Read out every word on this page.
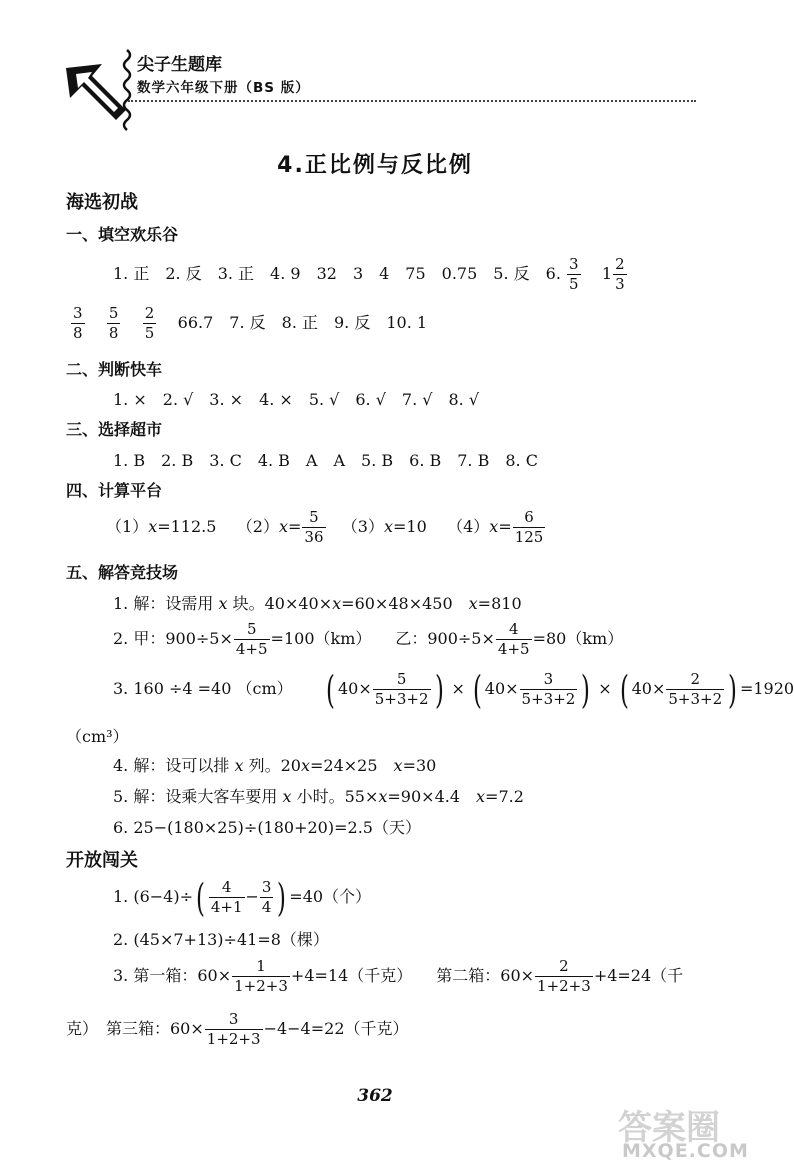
尖子生题库
数学六年级下册（BS 版）
4.正比例与反比例
海选初战
一、填空欢乐谷
1. 正　2. 反　3. 正　4. 9　32　3　4　75　0.75　5. 反　6. $\frac{3}{5} 1 \frac{2}{3}$
$\frac{3}{8}$
$\frac{5}{8}$
$\frac{2}{5} 66.7$　7. 反　8. 正　9. 反　10. 1
二、判断快车
1. ×　2. √　3. ×　4. ×　5. √　6. √　7. √　8. √
三、选择超市
1. B　2. B　3. C　4. B　A　A　5. B　6. B　7. B　8. C
四、计算平台
（1）x=112.5 $(2)x= \frac{5}{36} (3)x=10$ $(4)x= \frac{6}{125}$
五、解答竞技场
1. 解：设需用 x 块。40×40×x=60×48×450　x=810
2. 甲：$900\div 5\times \frac{5}{4+5} =100(km)$　　乙：$900\div 5\times \frac{4}{4+5} =80(km)$
3. 160 ÷4 =40 （cm） ( $40\times \frac{5}{5+3+2}$ ) × ( $40\times \frac{3}{5+3+2}$ ) × ( $40\times \frac{2}{5+3+2}$ ) =1920
（cm³）
4. 解：设可以排 x 列。20x=24×25　x=30
5. 解：设乘大客车要用 x 小时。55×x=90×4.4　x=7.2
6. 25−(180×25)÷(180+20)=2.5（天）
开放闯关
1. $(6-4)\div( \frac{4}{4+1} - \frac{3}{4}$ ) =40（个）
2. (45×7+13)÷41=8（棵）
3. 第一箱：$60\times \frac{1}{1+2+3} +4=14$（千克）　　第二箱：$60\times \frac{2}{1+2+3} +4=24$（千
克）　第三箱：$60\times \frac{3}{1+2+3} -4-4=22$（千克）
362
答案圈
MXQE.COM
